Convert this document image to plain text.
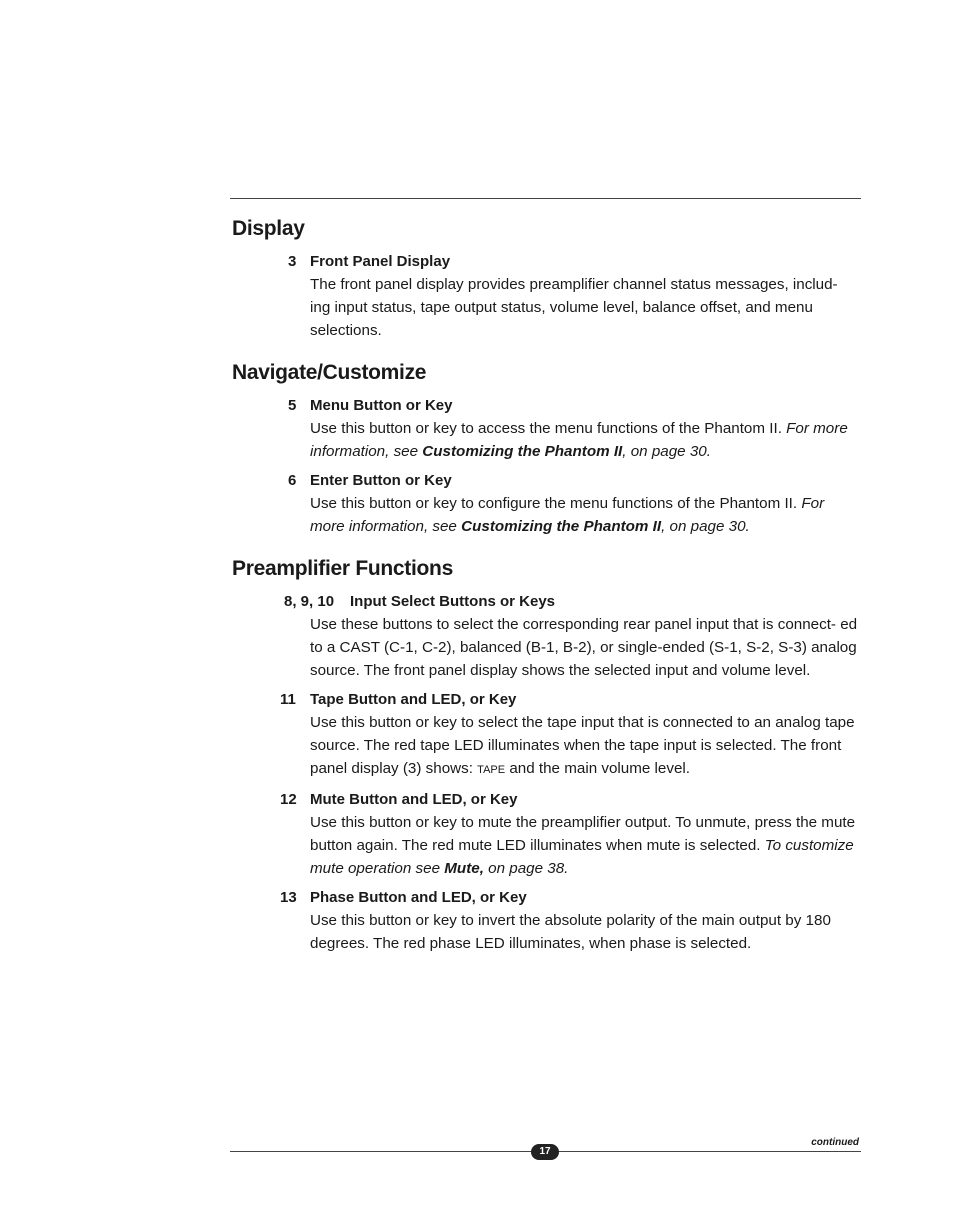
Display
3 Front Panel Display
The front panel display provides preamplifier channel status messages, includ- ing input status, tape output status, volume level, balance offset, and menu selections.
Navigate/Customize
5 Menu Button or Key
Use this button or key to access the menu functions of the Phantom II. For more information, see Customizing the Phantom II, on page 30.
6 Enter Button or Key
Use this button or key to configure the menu functions of the Phantom II. For more information, see Customizing the Phantom II, on page 30.
Preamplifier Functions
8, 9, 10 Input Select Buttons or Keys
Use these buttons to select the corresponding rear panel input that is connect- ed to a CAST (C-1, C-2), balanced (B-1, B-2), or single-ended (S-1, S-2, S-3) analog source. The front panel display shows the selected input and volume level.
11 Tape Button and LED, or Key
Use this button or key to select the tape input that is connected to an analog tape source. The red tape LED illuminates when the tape input is selected. The front panel display (3) shows: TAPE and the main volume level.
12 Mute Button and LED, or Key
Use this button or key to mute the preamplifier output. To unmute, press the mute button again. The red mute LED illuminates when mute is selected. To customize mute operation see Mute, on page 38.
13 Phase Button and LED, or Key
Use this button or key to invert the absolute polarity of the main output by 180 degrees. The red phase LED illuminates, when phase is selected.
continued
17
